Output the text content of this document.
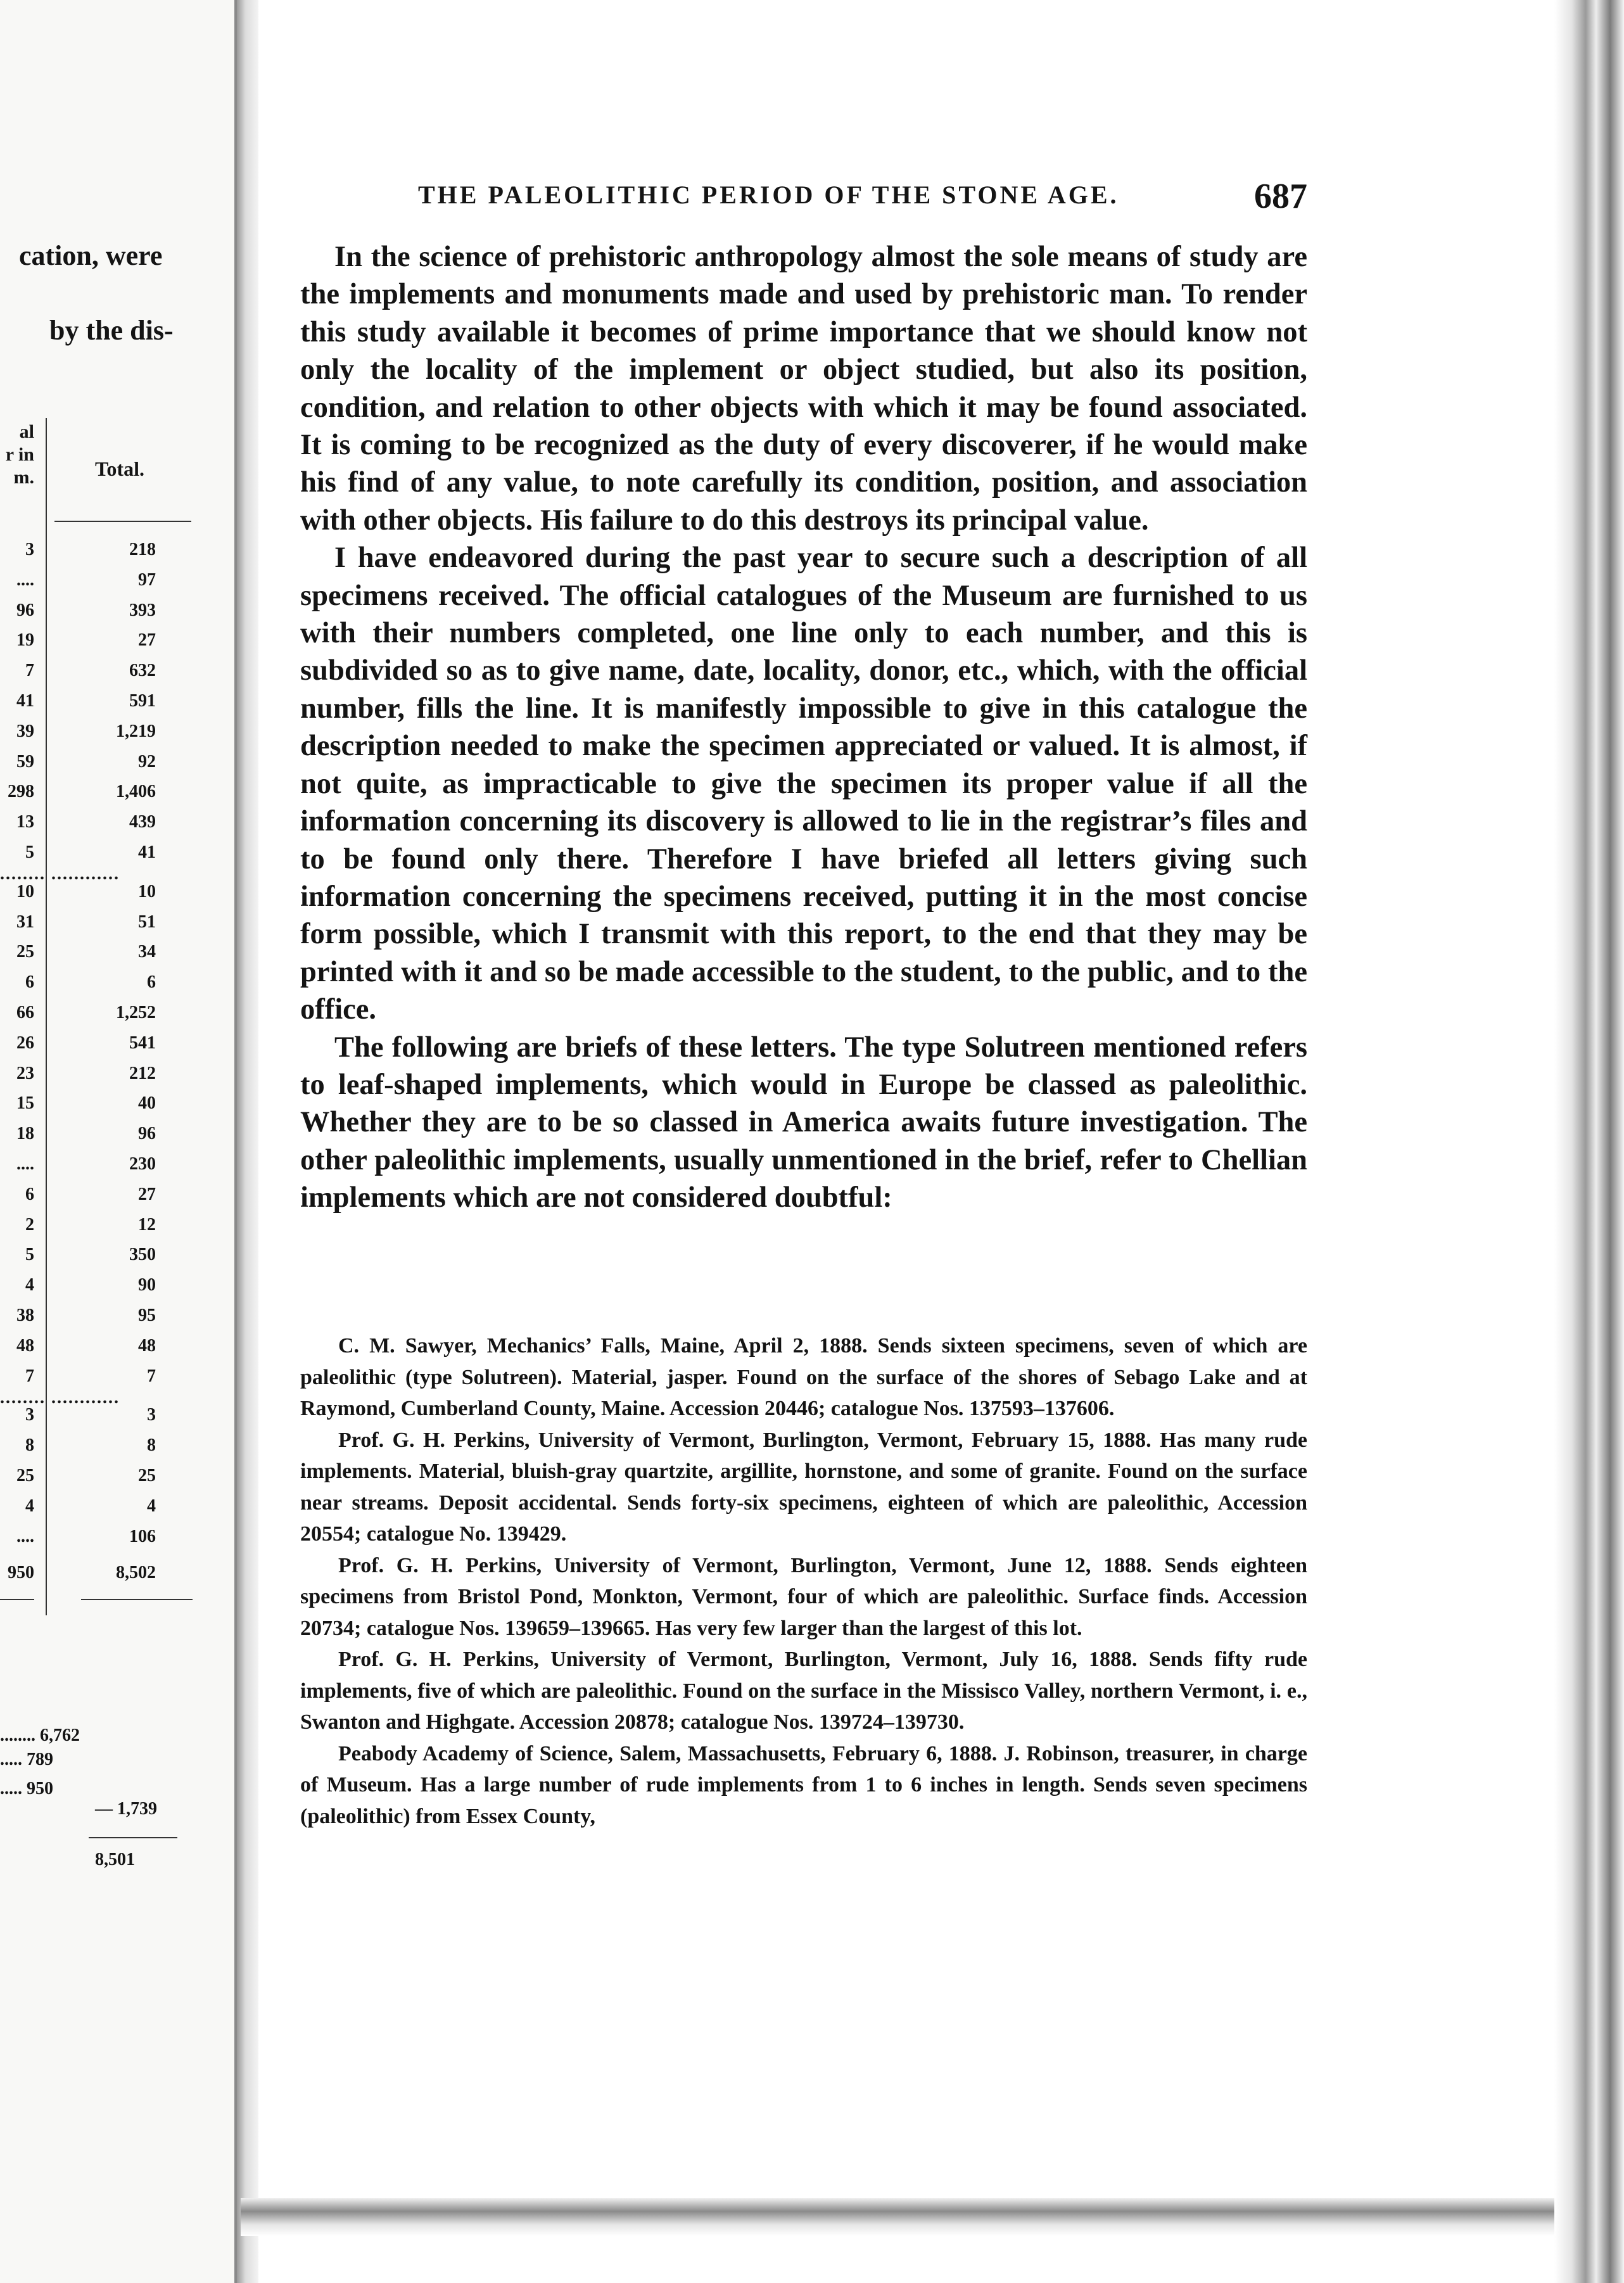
cation, were
by the dis-
al
r in
m.	Total.
3	218
....	97
96	393
19	27
7	632
41	591
39	1,219
59	92
298	1,406
13	439
5	41
........ ............
10	10
31	51
25	34
6	6
66	1,252
26	541
23	212
15	40
18	96
....	230
6	27
2	12
5	350
4	90
38	95
48	48
7	7
........ ............
3	3
8	8
25	25
4	4
....	106
950	8,502
........ 6,762
..... 789
..... 950
— 1,739
8,501
THE PALEOLITHIC PERIOD OF THE STONE AGE.	687

In the science of prehistoric anthropology almost the sole means of study are the implements and monuments made and used by prehistoric man. To render this study available it becomes of prime importance that we should know not only the locality of the implement or object studied, but also its position, condition, and relation to other objects with which it may be found associated. It is coming to be recognized as the duty of every discoverer, if he would make his find of any value, to note carefully its condition, position, and association with other objects. His failure to do this destroys its principal value.

I have endeavored during the past year to secure such a description of all specimens received. The official catalogues of the Museum are furnished to us with their numbers completed, one line only to each number, and this is subdivided so as to give name, date, locality, donor, etc., which, with the official number, fills the line. It is manifestly impossible to give in this catalogue the description needed to make the specimen appreciated or valued. It is almost, if not quite, as impracticable to give the specimen its proper value if all the information concerning its discovery is allowed to lie in the registrar’s files and to be found only there. Therefore I have briefed all letters giving such information concerning the specimens received, putting it in the most concise form possible, which I transmit with this report, to the end that they may be printed with it and so be made accessible to the student, to the public, and to the office.

The following are briefs of these letters. The type Solutreen mentioned refers to leaf-shaped implements, which would in Europe be classed as paleolithic. Whether they are to be so classed in America awaits future investigation. The other paleolithic implements, usually unmentioned in the brief, refer to Chellian implements which are not considered doubtful:

C. M. Sawyer, Mechanics’ Falls, Maine, April 2, 1888. Sends sixteen specimens, seven of which are paleolithic (type Solutreen). Material, jasper. Found on the surface of the shores of Sebago Lake and at Raymond, Cumberland County, Maine. Accession 20446; catalogue Nos. 137593–137606.

Prof. G. H. Perkins, University of Vermont, Burlington, Vermont, February 15, 1888. Has many rude implements. Material, bluish-gray quartzite, argillite, hornstone, and some of granite. Found on the surface near streams. Deposit accidental. Sends forty-six specimens, eighteen of which are paleolithic, Accession 20554; catalogue No. 139429.

Prof. G. H. Perkins, University of Vermont, Burlington, Vermont, June 12, 1888. Sends eighteen specimens from Bristol Pond, Monkton, Vermont, four of which are paleolithic. Surface finds. Accession 20734; catalogue Nos. 139659–139665. Has very few larger than the largest of this lot.

Prof. G. H. Perkins, University of Vermont, Burlington, Vermont, July 16, 1888. Sends fifty rude implements, five of which are paleolithic. Found on the surface in the Missisco Valley, northern Vermont, i. e., Swanton and Highgate. Accession 20878; catalogue Nos. 139724–139730.

Peabody Academy of Science, Salem, Massachusetts, February 6, 1888. J. Robinson, treasurer, in charge of Museum. Has a large number of rude implements from 1 to 6 inches in length. Sends seven specimens (paleolithic) from Essex County,
